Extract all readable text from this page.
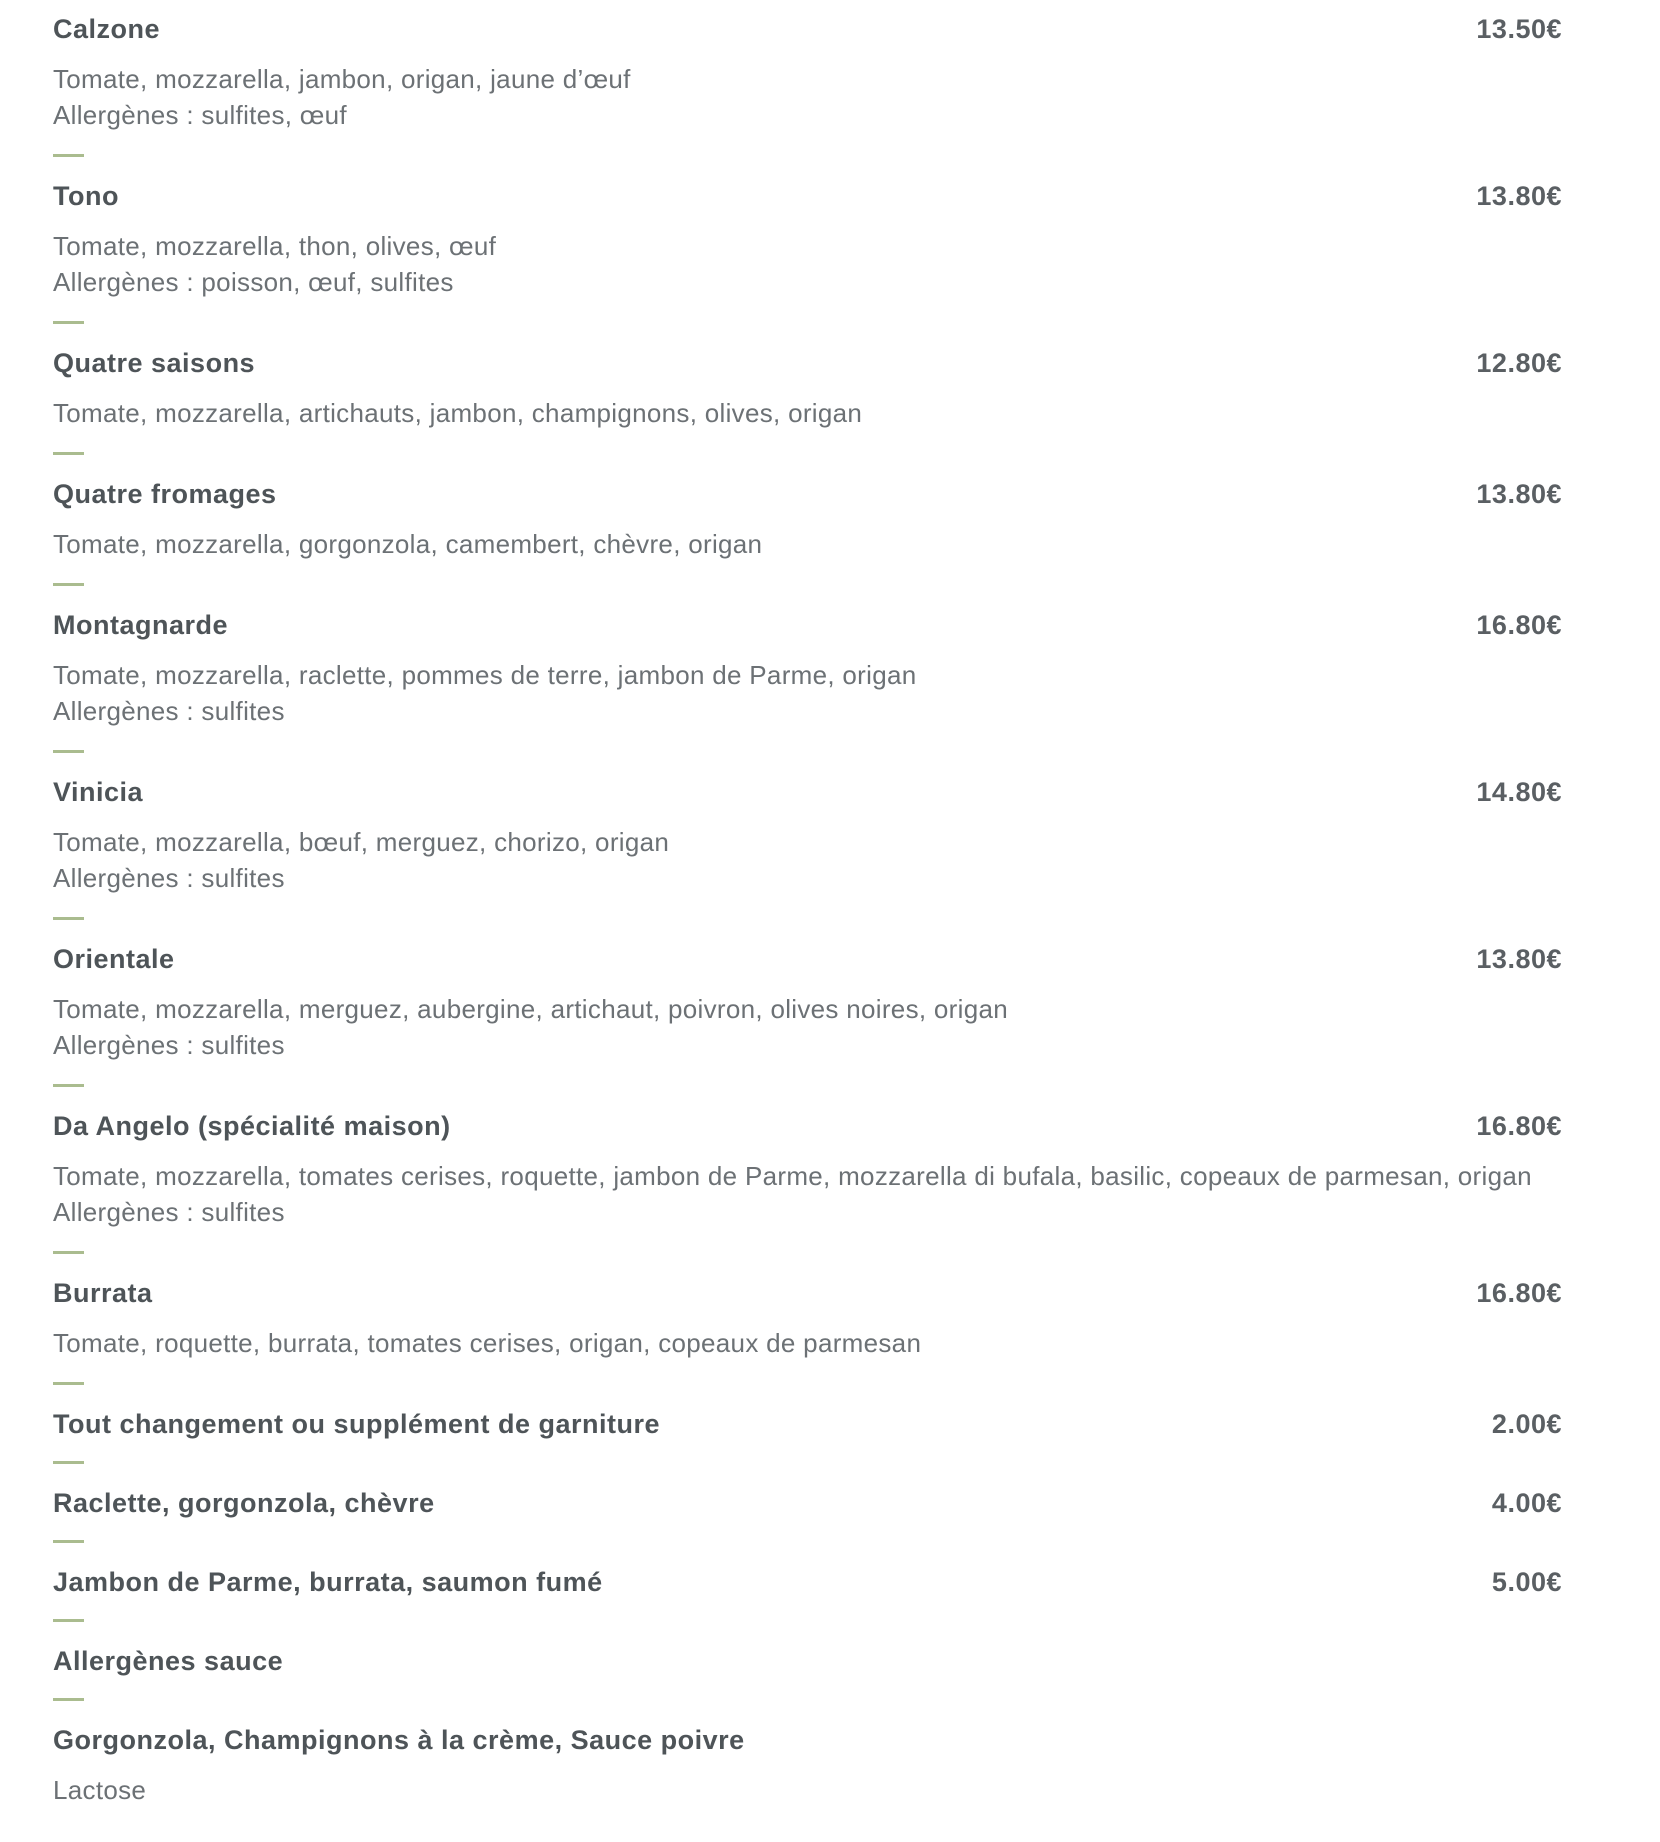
Calzone	13.50€
Tomate, mozzarella, jambon, origan, jaune d’œuf
Allergènes : sulfites, œuf
Tono	13.80€
Tomate, mozzarella, thon, olives, œuf
Allergènes : poisson, œuf, sulfites
Quatre saisons	12.80€
Tomate, mozzarella, artichauts, jambon, champignons, olives, origan
Quatre fromages	13.80€
Tomate, mozzarella, gorgonzola, camembert, chèvre, origan
Montagnarde	16.80€
Tomate, mozzarella, raclette, pommes de terre, jambon de Parme, origan
Allergènes : sulfites
Vinicia	14.80€
Tomate, mozzarella, bœuf, merguez, chorizo, origan
Allergènes : sulfites
Orientale	13.80€
Tomate, mozzarella, merguez, aubergine, artichaut, poivron, olives noires, origan
Allergènes : sulfites
Da Angelo (spécialité maison)	16.80€
Tomate, mozzarella, tomates cerises, roquette, jambon de Parme, mozzarella di bufala, basilic, copeaux de parmesan, origan
Allergènes : sulfites
Burrata	16.80€
Tomate, roquette, burrata, tomates cerises, origan, copeaux de parmesan
Tout changement ou supplément de garniture	2.00€
Raclette, gorgonzola, chèvre	4.00€
Jambon de Parme, burrata, saumon fumé	5.00€
Allergènes sauce
Gorgonzola, Champignons à la crème, Sauce poivre
Lactose
